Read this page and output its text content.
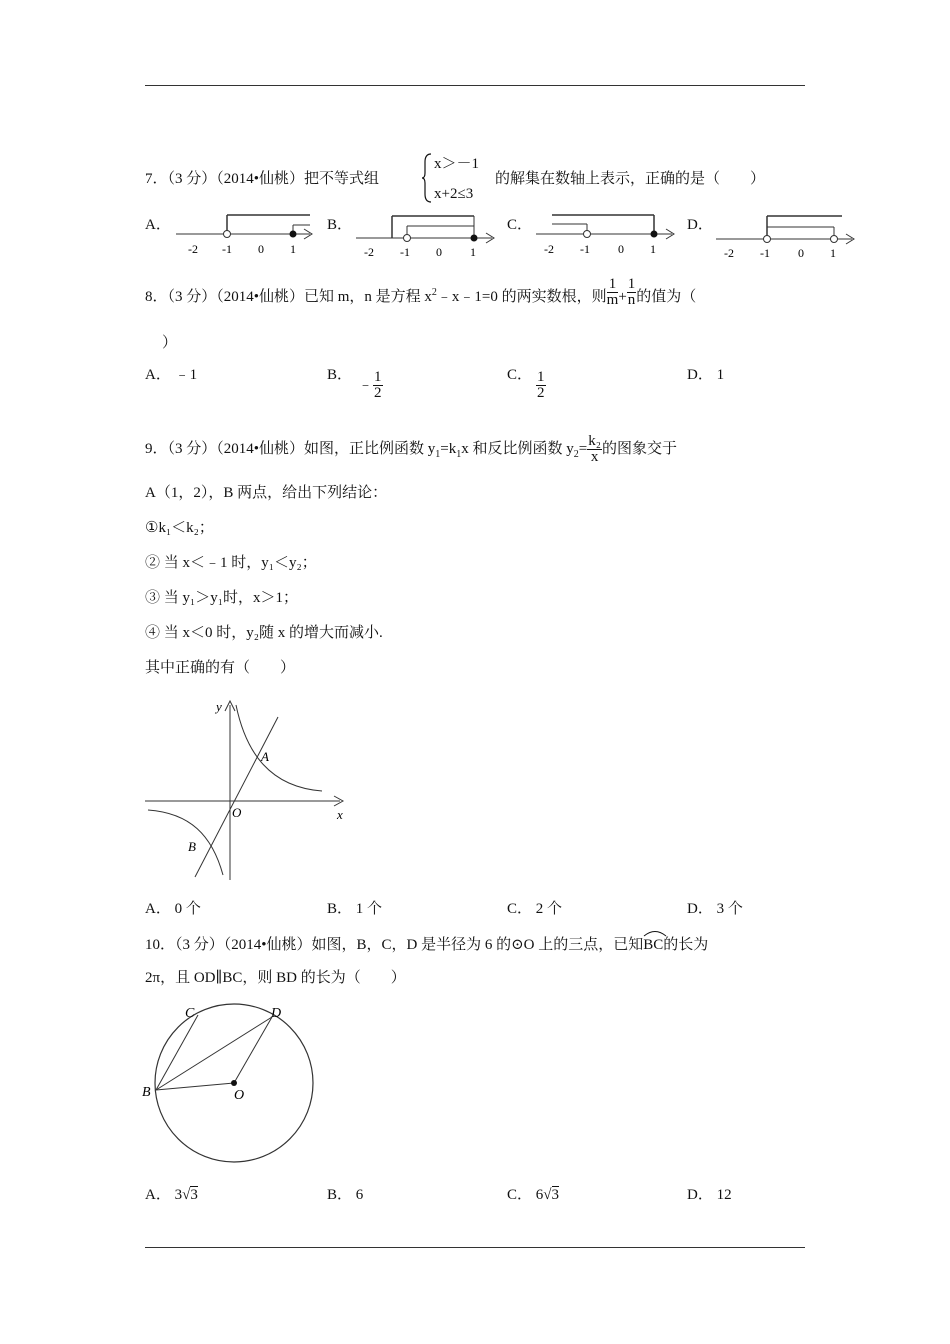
7．（3 分）（2014•仙桃）把不等式组
x＞－1
x+2≤3
的解集在数轴上表示，正确的是（　　）
A．	B．	C．	D．
-2 -1 0 1	-2 -1 0 1	-2 -1 0 1	-2 -1 0 1
8．（3 分）（2014•仙桃）已知 m，n 是方程 $x^2﹣x﹣1=0$ 的两实数根，则 $\frac{1}{m} + \frac{1}{n}$ 的值为（
）
A． ﹣1	B．
﹣ $\frac{1}{2}$	C． $\frac{1}{2}$	D． 1
9．（3 分）（2014•仙桃）如图，正比例函数 $y_1=k_1x$ 和反比例函数 $y_2= \frac{\text{k₂}}{x}$ 的图象交于
A（1，2），B 两点，给出下列结论：
①k₁＜k₂；
② 当 x＜﹣1 时，y₁＜y₂；
③ 当 y₁＞y₁时，x＞1；
④ 当 x＜0 时，y₂随 x 的增大而减小.
其中正确的有（　　）
y
x
O
A
B
A． 0 个	B． 1 个	C． 2 个	D． 3 个
10．（3 分）（2014•仙桃）如图，B，C，D 是半径为 6 的⊙O 上的三点，已知
BC的长为
2π，且 OD∥BC，则 BD 的长为（　　）
B
C	D
O
A． 3√3	B． 6	C． 6√3	D． 12
